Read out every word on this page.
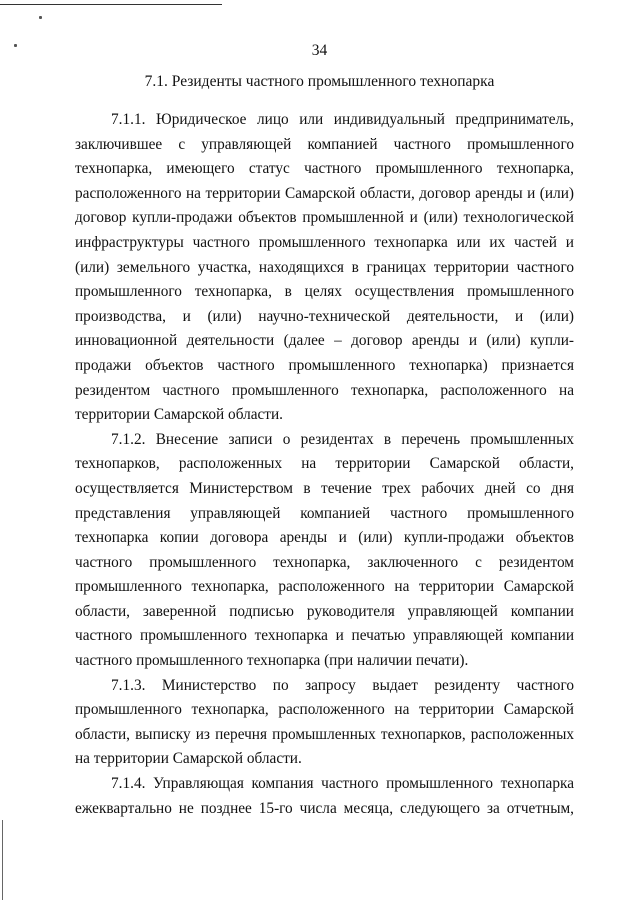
34
7.1. Резиденты частного промышленного технопарка

7.1.1. Юридическое лицо или индивидуальный предприниматель, заключившее с управляющей компанией частного промышленного технопарка, имеющего статус частного промышленного технопарка, расположенного на территории Самарской области, договор аренды и (или) договор купли-продажи объектов промышленной и (или) технологической инфраструктуры частного промышленного технопарка или их частей и (или) земельного участка, находящихся в границах территории частного промышленного технопарка, в целях осуществления промышленного производства, и (или) научно-технической деятельности, и (или) инновационной деятельности (далее – договор аренды и (или) купли-продажи объектов частного промышленного технопарка) признается резидентом частного промышленного технопарка, расположенного на территории Самарской области.

7.1.2. Внесение записи о резидентах в перечень промышленных технопарков, расположенных на территории Самарской области, осуществляется Министерством в течение трех рабочих дней со дня представления управляющей компанией частного промышленного технопарка копии договора аренды и (или) купли-продажи объектов частного промышленного технопарка, заключенного с резидентом промышленного технопарка, расположенного на территории Самарской области, заверенной подписью руководителя управляющей компании частного промышленного технопарка и печатью управляющей компании частного промышленного технопарка (при наличии печати).

7.1.3. Министерство по запросу выдает резиденту частного промышленного технопарка, расположенного на территории Самарской области, выписку из перечня промышленных технопарков, расположенных на территории Самарской области.

7.1.4. Управляющая компания частного промышленного технопарка ежеквартально не позднее 15-го числа месяца, следующего за отчетным,
